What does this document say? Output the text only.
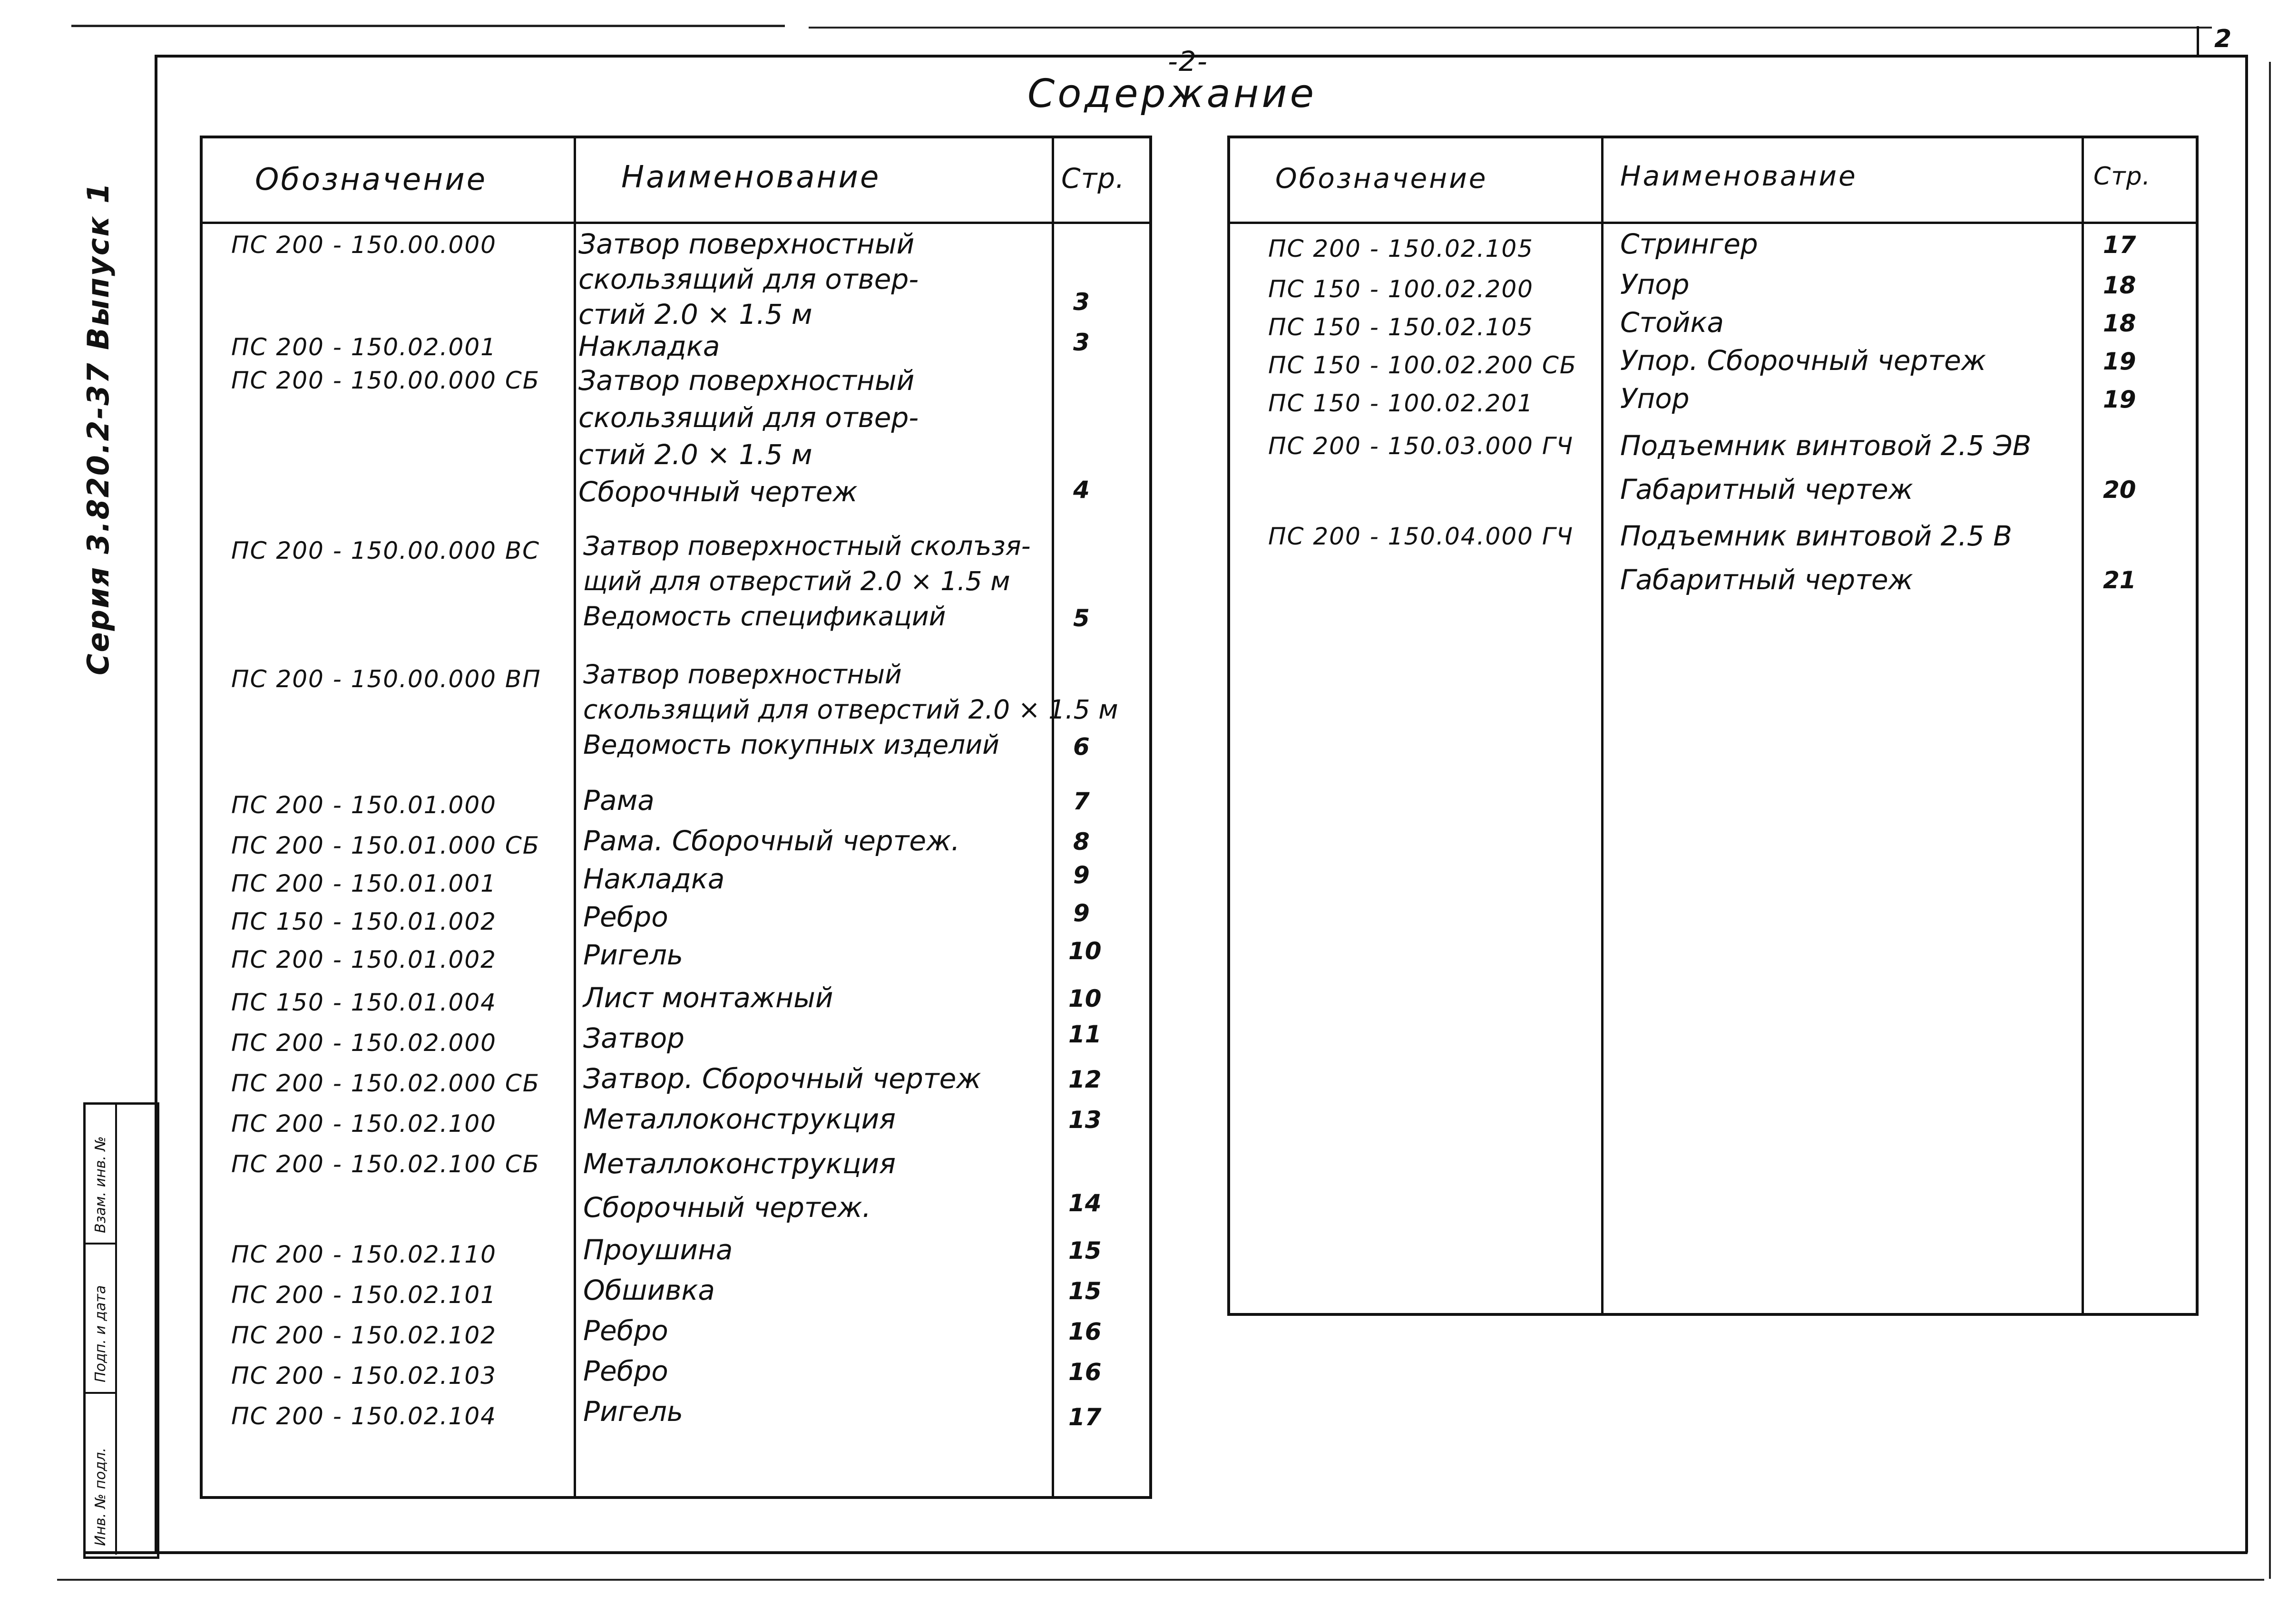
2
-2-
Содержание
Серия 3.820.2-37 Выпуск 1
Взам. инв. №
Подп. и дата
Инв. № подл.
Обозначение	Наименование	Стр.
ПС 200 - 150.00.000	Затвор поверхностный
скользящий для отвер-
стий 2.0 × 1.5 м	3
ПС 200 - 150.02.001	Накладка	3
ПС 200 - 150.00.000 СБ Затвор поверхностный
скользящий для отвер-
стий 2.0 × 1.5 м
Сборочный чертеж	4
ПС 200 - 150.00.000 ВС Затвор поверхностный сколъзя-
щий для отверстий 2.0 × 1.5 м
Ведомость спецификаций	5
ПС 200 - 150.00.000 ВП Затвор поверхностный
скользящий для отверстий 2.0 × 1.5 м
Ведомость покупных изделий	6
ПС 200 - 150.01.000	Рама	7
ПС 200 - 150.01.000 СБ Рама. Сборочный чертеж.	8
ПС 200 - 150.01.001	Накладка	9
ПС 150 - 150.01.002	Ребро	9
ПС 200 - 150.01.002	Ригель	10
ПС 150 - 150.01.004	Лист монтажный	10
ПС 200 - 150.02.000	Затвор	11
ПС 200 - 150.02.000 СБ Затвор. Сборочный чертеж	12
ПС 200 - 150.02.100	Металлоконструкция	13
ПС 200 - 150.02.100 СБ Металлоконструкция
Сборочный чертеж.	14
ПС 200 - 150.02.110	Проушина	15
ПС 200 - 150.02.101	Обшивка	15
ПС 200 - 150.02.102	Ребро	16
ПС 200 - 150.02.103	Ребро	16
ПС 200 - 150.02.104	Ригель	17
Обозначение	Наименование	Стр.
ПС 200 - 150.02.105	Стрингер	17
ПС 150 - 100.02.200	Упор	18
ПС 150 - 150.02.105	Стойка	18
ПС 150 - 100.02.200 СБ Упор. Сборочный чертеж	19
ПС 150 - 100.02.201	Упор	19
ПС 200 - 150.03.000 ГЧ Подъемник винтовой 2.5 ЭВ
Габаритный чертеж	20
ПС 200 - 150.04.000 ГЧ Подъемник винтовой 2.5 В
Габаритный чертеж	21
